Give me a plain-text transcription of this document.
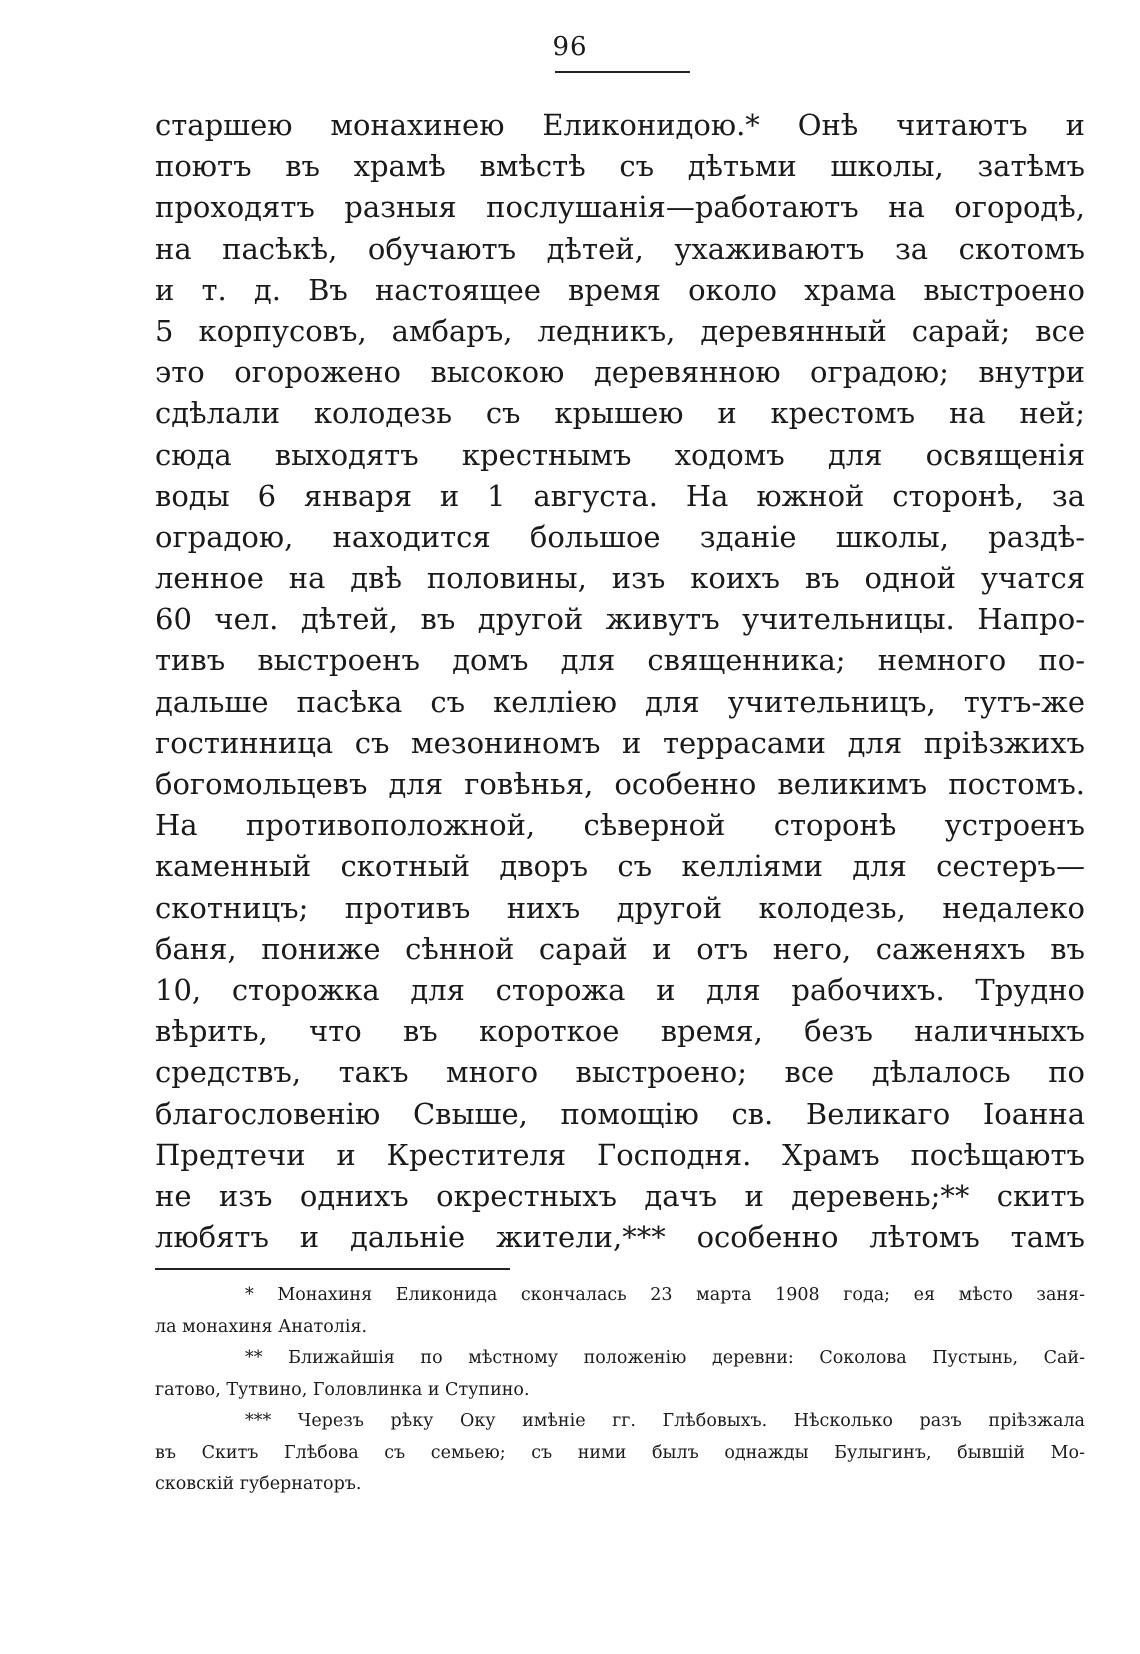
96
старшею монахинею Еликонидою.* Онѣ читаютъ и
поютъ въ храмѣ вмѣстѣ съ дѣтьми школы, затѣмъ
проходятъ разныя послушанія—работаютъ на огородѣ,
на пасѣкѣ, обучаютъ дѣтей, ухаживаютъ за скотомъ
и т. д. Въ настоящее время около храма выстроено
5 корпусовъ, амбаръ, ледникъ, деревянный сарай; все
это огорожено высокою деревянною оградою; внутри
сдѣлали колодезь съ крышею и крестомъ на ней;
сюда выходятъ крестнымъ ходомъ для освященія
воды 6 января и 1 августа. На южной сторонѣ, за
оградою, находится большое зданіе школы, раздѣ-
ленное на двѣ половины, изъ коихъ въ одной учатся
60 чел. дѣтей, въ другой живутъ учительницы. Напро-
тивъ выстроенъ домъ для священника; немного по-
дальше пасѣка съ келліею для учительницъ, тутъ-же
гостинница съ мезониномъ и террасами для пріѣзжихъ
богомольцевъ для говѣнья, особенно великимъ постомъ.
На противоположной, сѣверной сторонѣ устроенъ
каменный скотный дворъ съ келліями для сестеръ—
скотницъ; противъ нихъ другой колодезь, недалеко
баня, пониже сѣнной сарай и отъ него, саженяхъ въ
10, сторожка для сторожа и для рабочихъ. Трудно
вѣрить, что въ короткое время, безъ наличныхъ
средствъ, такъ много выстроено; все дѣлалось по
благословенію Свыше, помощію св. Великаго Іоанна
Предтечи и Крестителя Господня. Храмъ посѣщаютъ
не изъ однихъ окрестныхъ дачъ и деревень;** скитъ
любятъ и дальніе жители,*** особенно лѣтомъ тамъ
* Монахиня Еликонида скончалась 23 марта 1908 года; ея мѣсто заня-
ла монахиня Анатолія.
** Ближайшія по мѣстному положенію деревни: Соколова Пустынь, Сай-
гатово, Тутвино, Головлинка и Ступино.
*** Черезъ рѣку Оку имѣніе гг. Глѣбовыхъ. Нѣсколько разъ пріѣзжала
въ Скитъ Глѣбова съ семьею; съ ними былъ однажды Булыгинъ, бывшій Мо-
сковскій губернаторъ.
